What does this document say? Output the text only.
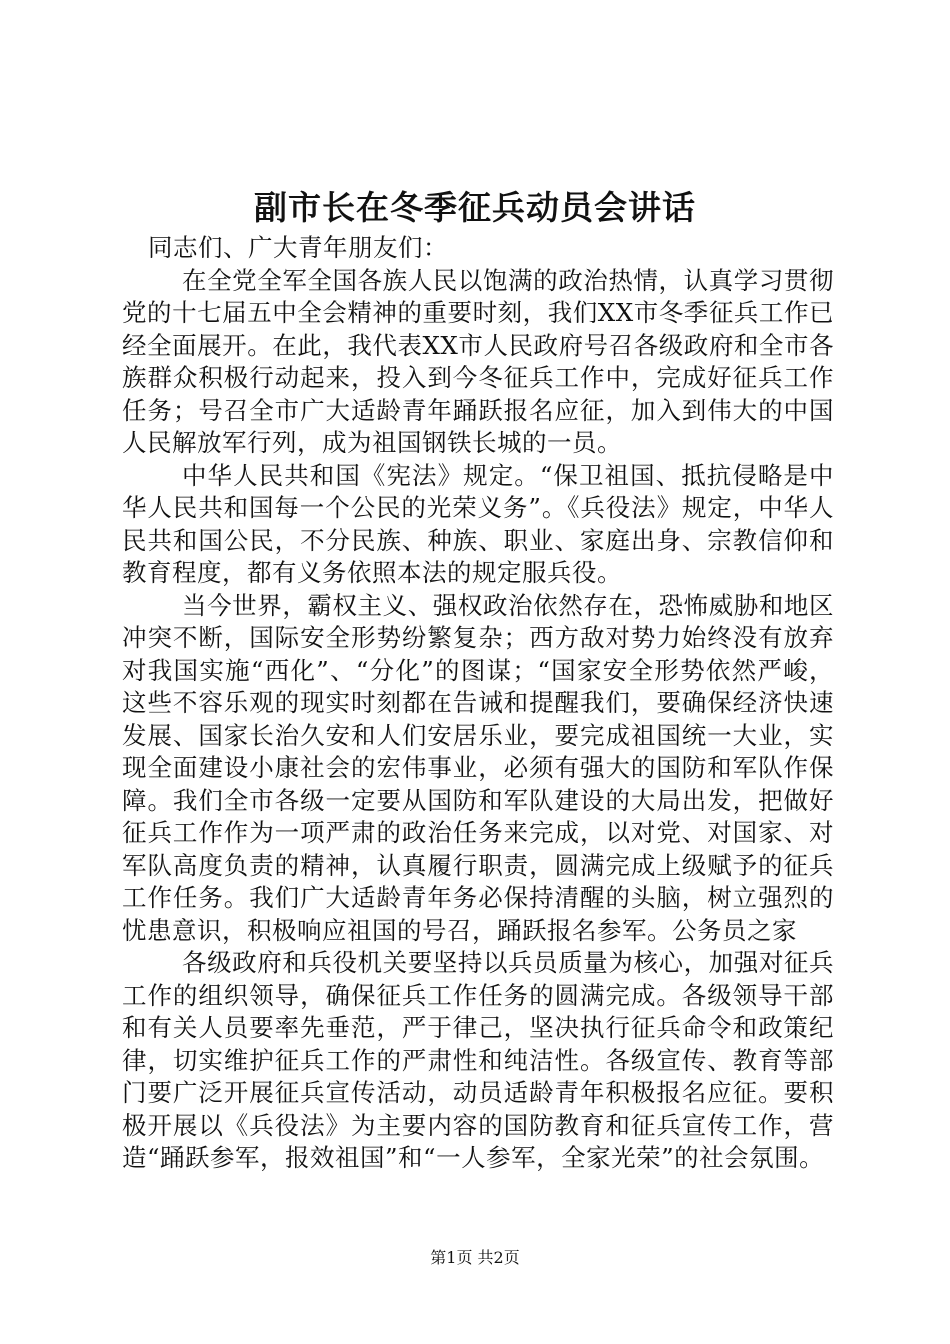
副市长在冬季征兵动员会讲话

同志们、广大青年朋友们：

在全党全军全国各族人民以饱满的政治热情，认真学习贯彻党的十七届五中全会精神的重要时刻，我们XX市冬季征兵工作已经全面展开。在此，我代表XX市人民政府号召各级政府和全市各族群众积极行动起来，投入到今冬征兵工作中，完成好征兵工作任务；号召全市广大适龄青年踊跃报名应征，加入到伟大的中国人民解放军行列，成为祖国钢铁长城的一员。

中华人民共和国《宪法》规定。“保卫祖国、抵抗侵略是中华人民共和国每一个公民的光荣义务”。《兵役法》规定，中华人民共和国公民，不分民族、种族、职业、家庭出身、宗教信仰和教育程度，都有义务依照本法的规定服兵役。

当今世界，霸权主义、强权政治依然存在，恐怖威胁和地区冲突不断，国际安全形势纷繁复杂；西方敌对势力始终没有放弃对我国实施“西化”、“分化”的图谋；“国家安全形势依然严峻，这些不容乐观的现实时刻都在告诫和提醒我们，要确保经济快速发展、国家长治久安和人们安居乐业，要完成祖国统一大业，实现全面建设小康社会的宏伟事业，必须有强大的国防和军队作保障。我们全市各级一定要从国防和军队建设的大局出发，把做好征兵工作作为一项严肃的政治任务来完成，以对党、对国家、对军队高度负责的精神，认真履行职责，圆满完成上级赋予的征兵工作任务。我们广大适龄青年务必保持清醒的头脑，树立强烈的忧患意识，积极响应祖国的号召，踊跃报名参军。公务员之家

各级政府和兵役机关要坚持以兵员质量为核心，加强对征兵工作的组织领导，确保征兵工作任务的圆满完成。各级领导干部和有关人员要率先垂范，严于律己，坚决执行征兵命令和政策纪律，切实维护征兵工作的严肃性和纯洁性。各级宣传、教育等部门要广泛开展征兵宣传活动，动员适龄青年积极报名应征。要积极开展以《兵役法》为主要内容的国防教育和征兵宣传工作，营造“踊跃参军，报效祖国”和“一人参军，全家光荣”的社会氛围。

第1页 共2页
